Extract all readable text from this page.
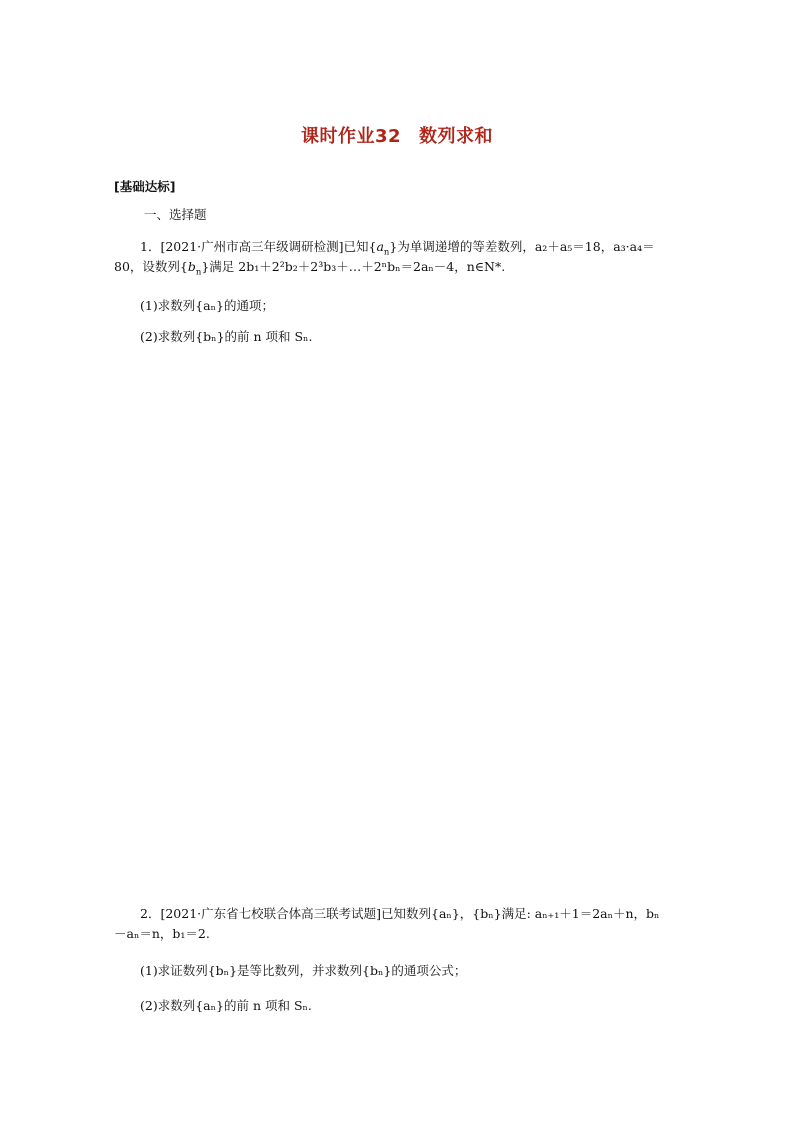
课时作业32 数列求和
[基础达标]
一、选择题
1．[2021·广州市高三年级调研检测]已知$\{a_n\}$为单调递增的等差数列，a₂＋a₅＝18，a₃·a₄＝
80，设数列$\{b_n\}$满足 2b₁＋2²b₂＋2³b₃＋…＋2ⁿbₙ＝2aₙ－4，n∈N*.
(1)求数列{aₙ}的通项；
(2)求数列{bₙ}的前 n 项和 Sₙ.
2．[2021·广东省七校联合体高三联考试题]已知数列{aₙ}，{bₙ}满足: aₙ₊₁＋1＝2aₙ＋n，bₙ
－aₙ＝n，b₁＝2.
(1)求证数列{bₙ}是等比数列，并求数列{bₙ}的通项公式；
(2)求数列{aₙ}的前 n 项和 Sₙ.
